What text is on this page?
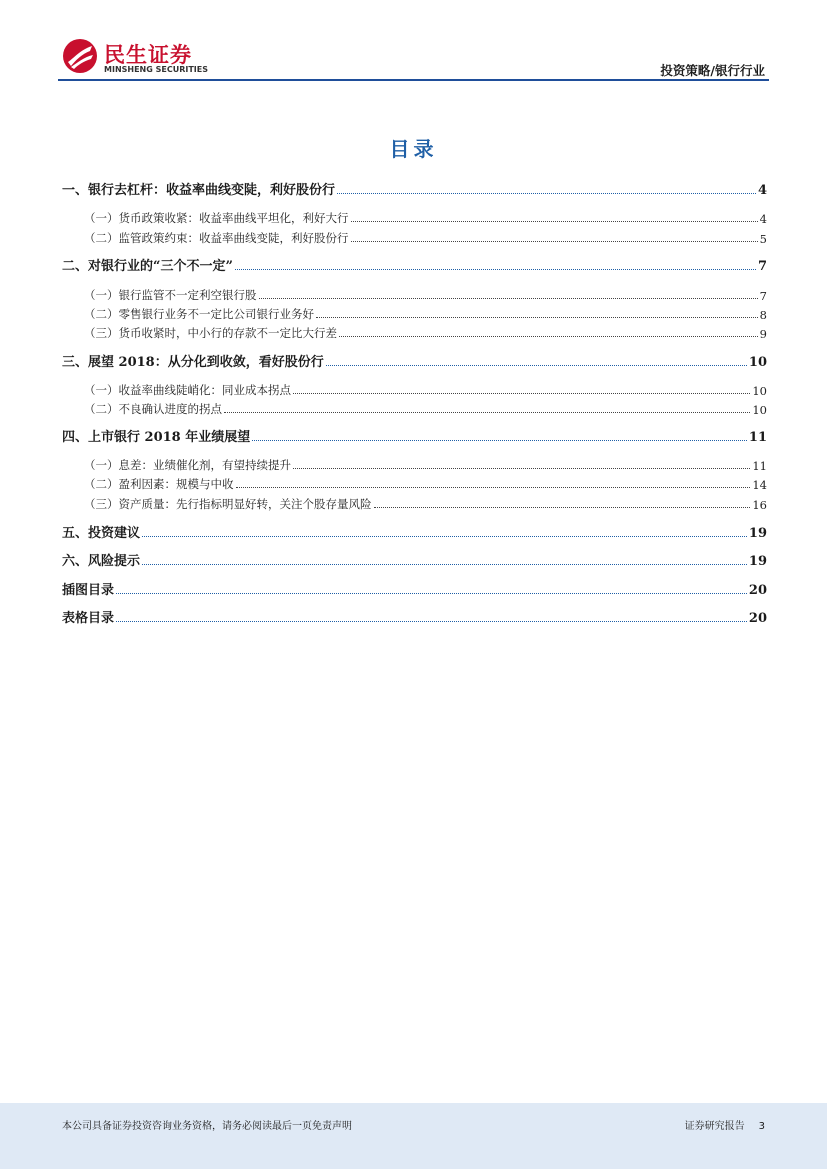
民生证券
MINSHENG SECURITIES	投资策略/银行行业
目录
一、银行去杠杆：收益率曲线变陡，利好股份行	4
（一）货币政策收紧：收益率曲线平坦化，利好大行	4
（二）监管政策约束：收益率曲线变陡，利好股份行	5
二、对银行业的“三个不一定”	7
（一）银行监管不一定利空银行股	7
（二）零售银行业务不一定比公司银行业务好	8
（三）货币收紧时，中小行的存款不一定比大行差	9
三、展望 2018：从分化到收敛，看好股份行	10
（一）收益率曲线陡峭化：同业成本拐点	10
（二）不良确认进度的拐点	10
四、上市银行 2018 年业绩展望	11
（一）息差：业绩催化剂，有望持续提升	11
（二）盈利因素：规模与中收	14
（三）资产质量：先行指标明显好转，关注个股存量风险	16
五、投资建议	19
六、风险提示	19
插图目录	20
表格目录	20
本公司具备证券投资咨询业务资格，请务必阅读最后一页免责声明	证券研究报告 3
